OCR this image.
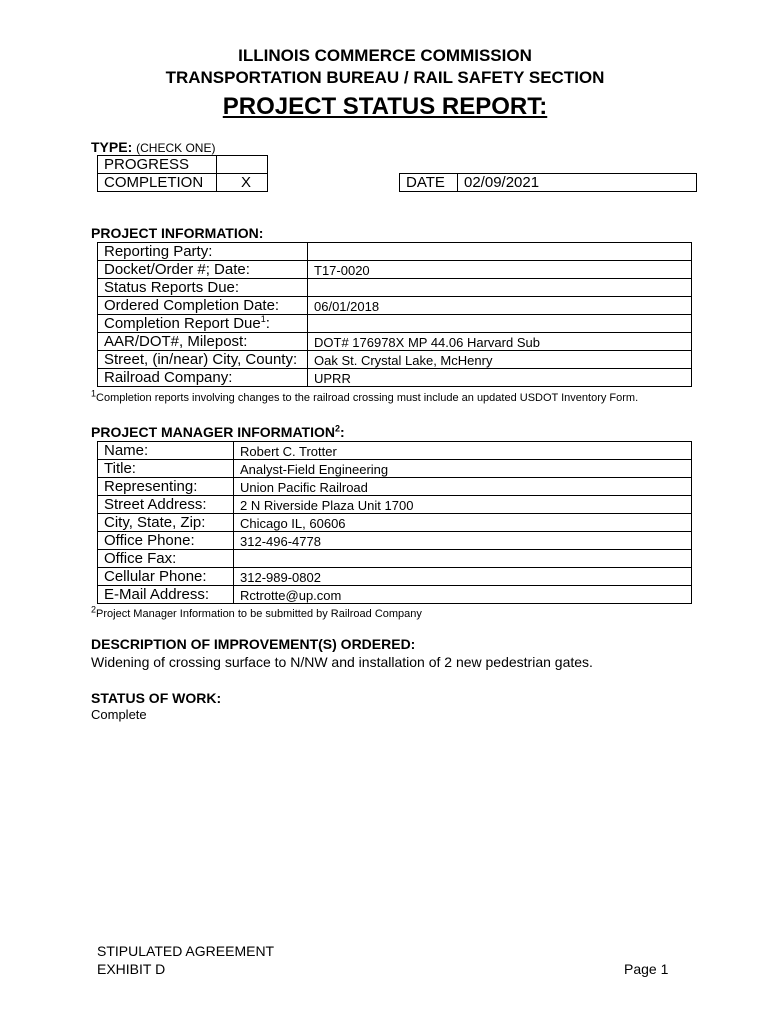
ILLINOIS COMMERCE COMMISSION
TRANSPORTATION BUREAU / RAIL SAFETY SECTION
PROJECT STATUS REPORT:
TYPE: (CHECK ONE)
PROGRESS	
COMPLETION	X	DATE	02/09/2021
PROJECT INFORMATION:
Reporting Party:	
Docket/Order #; Date:	T17-0020
Status Reports Due:	
Ordered Completion Date:	06/01/2018
Completion Report Due$^1$:	
AAR/DOT#, Milepost:	DOT# 176978X MP 44.06 Harvard Sub
Street, (in/near) City, County:	Oak St. Crystal Lake, McHenry
Railroad Company:	UPRR
$^1$Completion reports involving changes to the railroad crossing must include an updated USDOT Inventory Form.
PROJECT MANAGER INFORMATION$^2$:
Name:	Robert C. Trotter
Title:	Analyst-Field Engineering
Representing:	Union Pacific Railroad
Street Address:	2 N Riverside Plaza Unit 1700
City, State, Zip:	Chicago IL, 60606
Office Phone:	312-496-4778
Office Fax:	
Cellular Phone:	312-989-0802
E-Mail Address:	Rctrotte@up.com
$^2$Project Manager Information to be submitted by Railroad Company
DESCRIPTION OF IMPROVEMENT(S) ORDERED:
Widening of crossing surface to N/NW and installation of 2 new pedestrian gates.
STATUS OF WORK:
Complete
STIPULATED AGREEMENT
EXHIBIT D	Page 1
